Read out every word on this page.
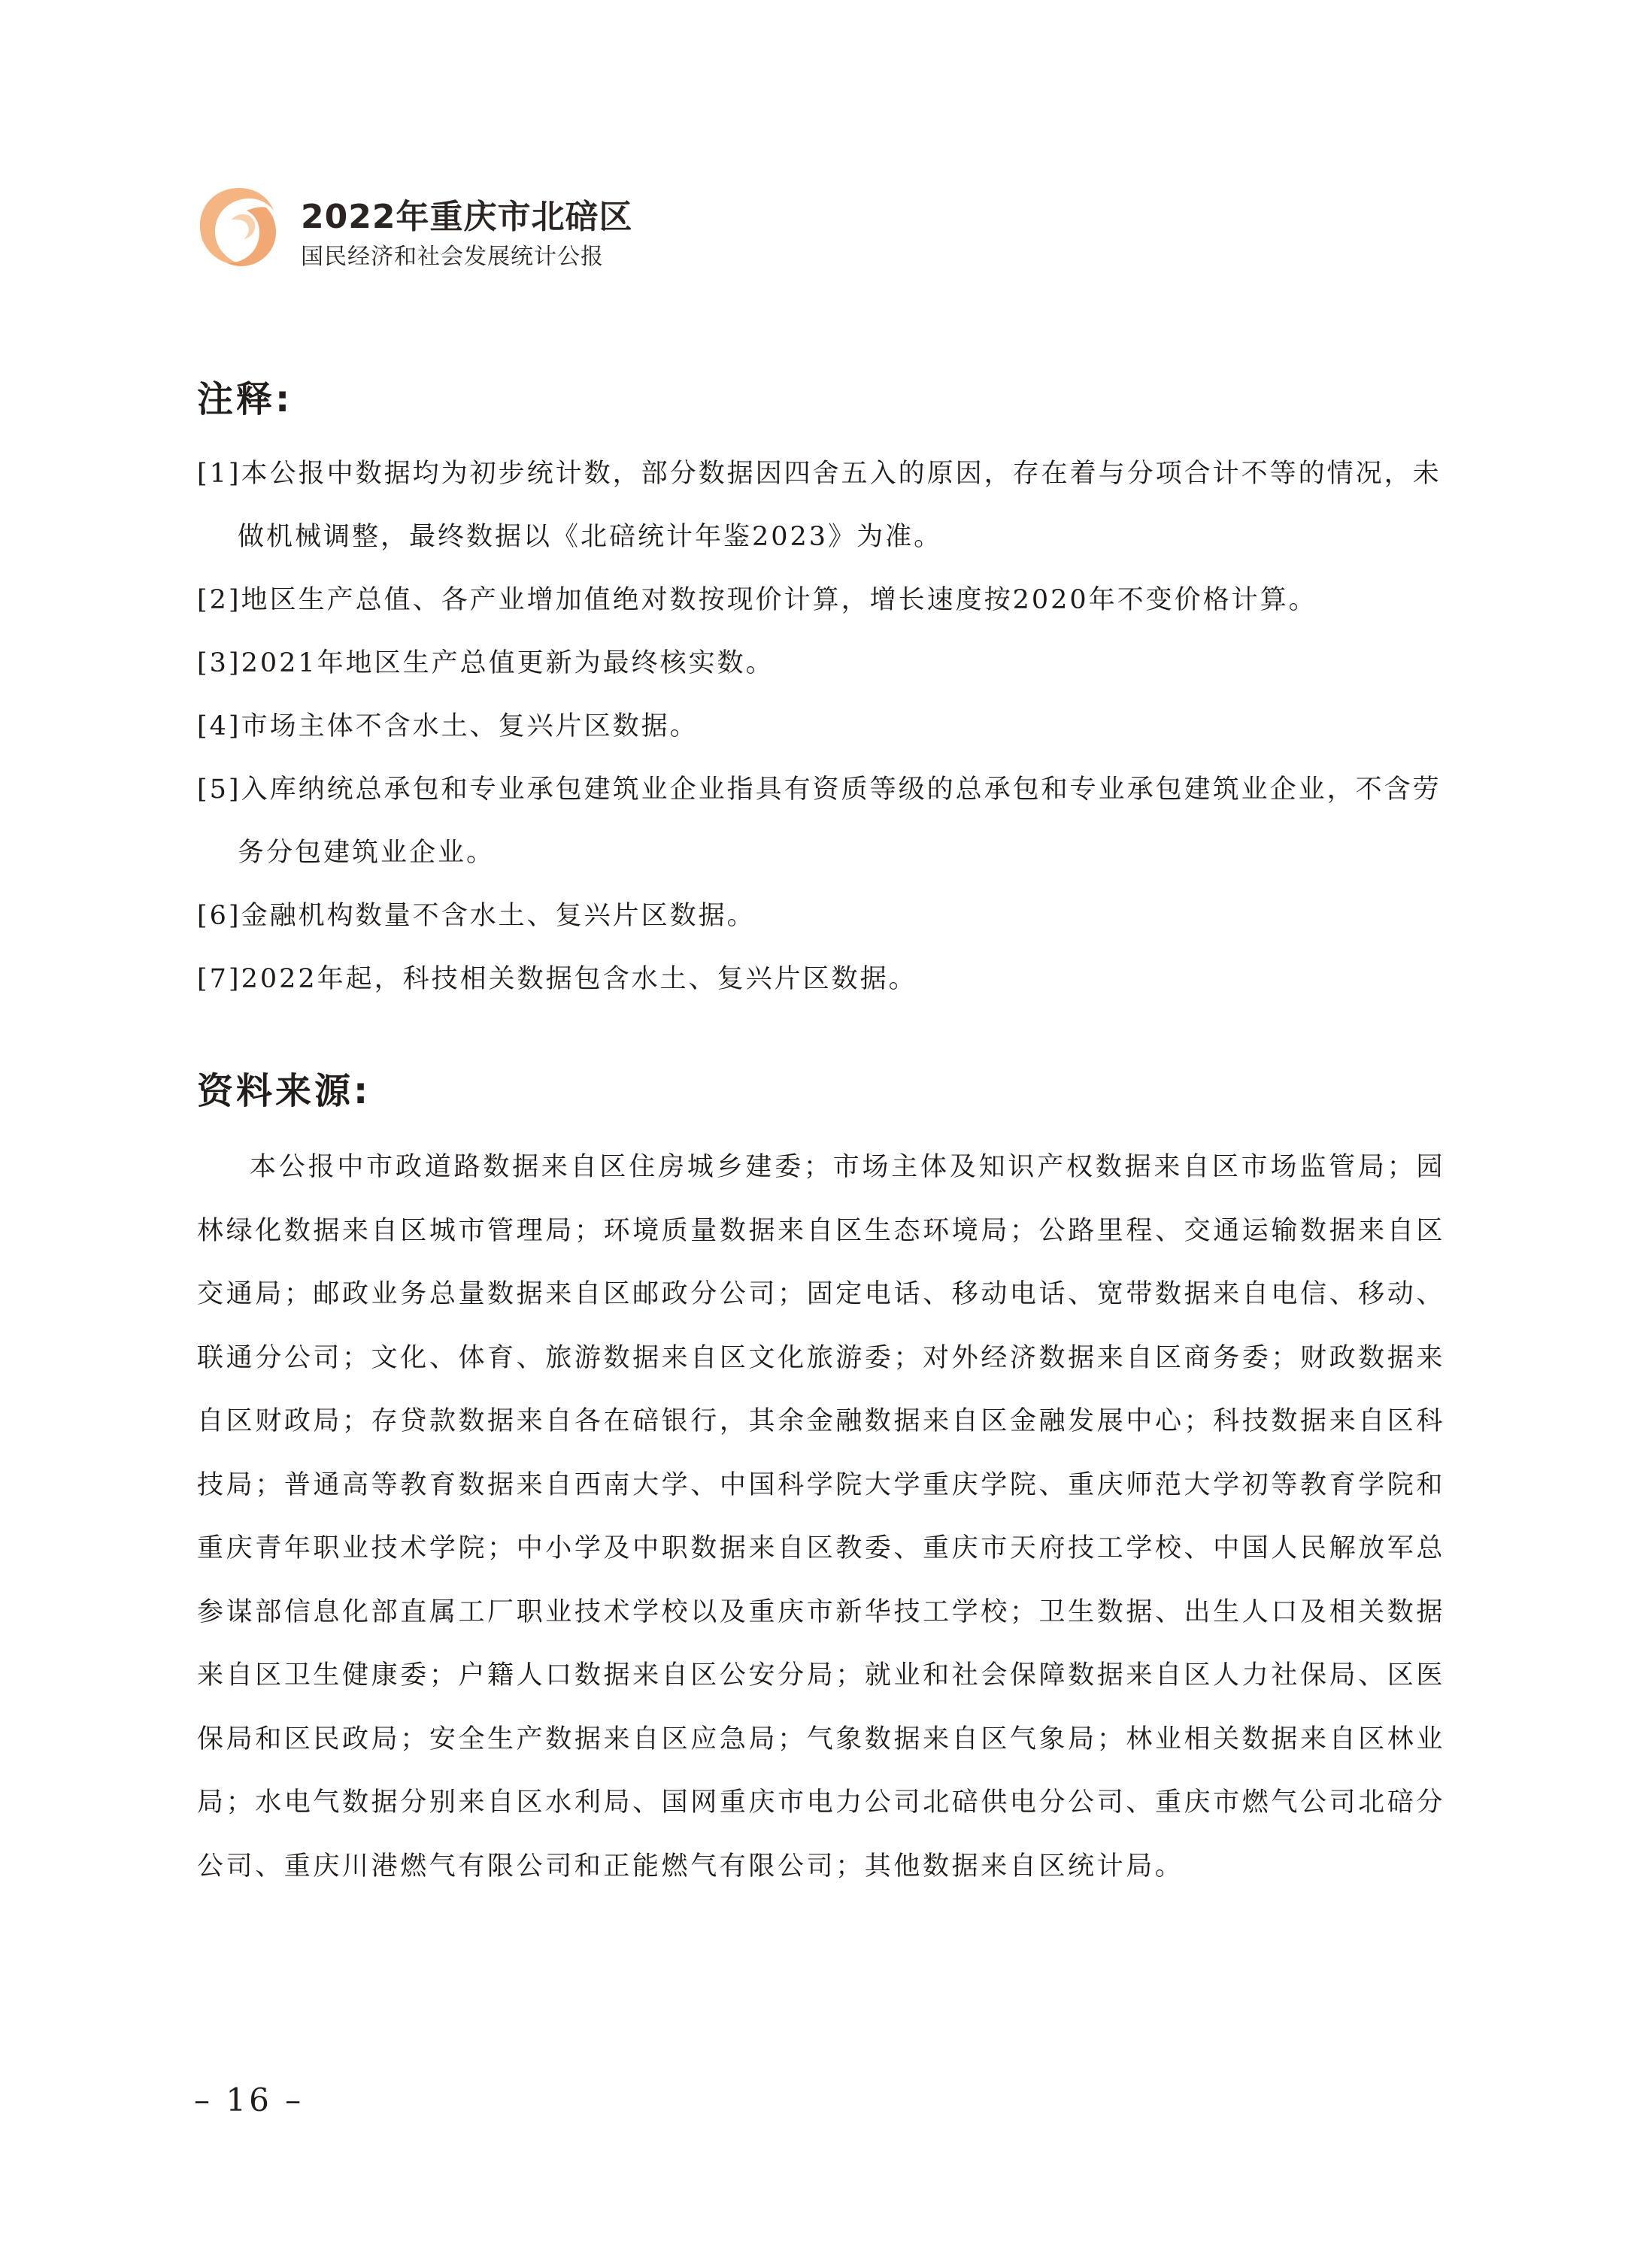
2022年重庆市北碚区
国民经济和社会发展统计公报
注释:

[1]本公报中数据均为初步统计数，部分数据因四舍五入的原因，存在着与分项合计不等的情况，未做机械调整，最终数据以《北碚统计年鉴2023》为准。

[2]地区生产总值、各产业增加值绝对数按现价计算，增长速度按2020年不变价格计算。

[3]2021年地区生产总值更新为最终核实数。

[4]市场主体不含水土、复兴片区数据。

[5]入库纳统总承包和专业承包建筑业企业指具有资质等级的总承包和专业承包建筑业企业，不含劳务分包建筑业企业。

[6]金融机构数量不含水土、复兴片区数据。

[7]2022年起，科技相关数据包含水土、复兴片区数据。

资料来源:

本公报中市政道路数据来自区住房城乡建委；市场主体及知识产权数据来自区市场监管局；园林绿化数据来自区城市管理局；环境质量数据来自区生态环境局；公路里程、交通运输数据来自区交通局；邮政业务总量数据来自区邮政分公司；固定电话、移动电话、宽带数据来自电信、移动、联通分公司；文化、体育、旅游数据来自区文化旅游委；对外经济数据来自区商务委；财政数据来自区财政局；存贷款数据来自各在碚银行，其余金融数据来自区金融发展中心；科技数据来自区科技局；普通高等教育数据来自西南大学、中国科学院大学重庆学院、重庆师范大学初等教育学院和重庆青年职业技术学院；中小学及中职数据来自区教委、重庆市天府技工学校、中国人民解放军总参谋部信息化部直属工厂职业技术学校以及重庆市新华技工学校；卫生数据、出生人口及相关数据来自区卫生健康委；户籍人口数据来自区公安分局；就业和社会保障数据来自区人力社保局、区医保局和区民政局；安全生产数据来自区应急局；气象数据来自区气象局；林业相关数据来自区林业局；水电气数据分别来自区水利局、国网重庆市电力公司北碚供电分公司、重庆市燃气公司北碚分公司、重庆川港燃气有限公司和正能燃气有限公司；其他数据来自区统计局。

– 16 –
